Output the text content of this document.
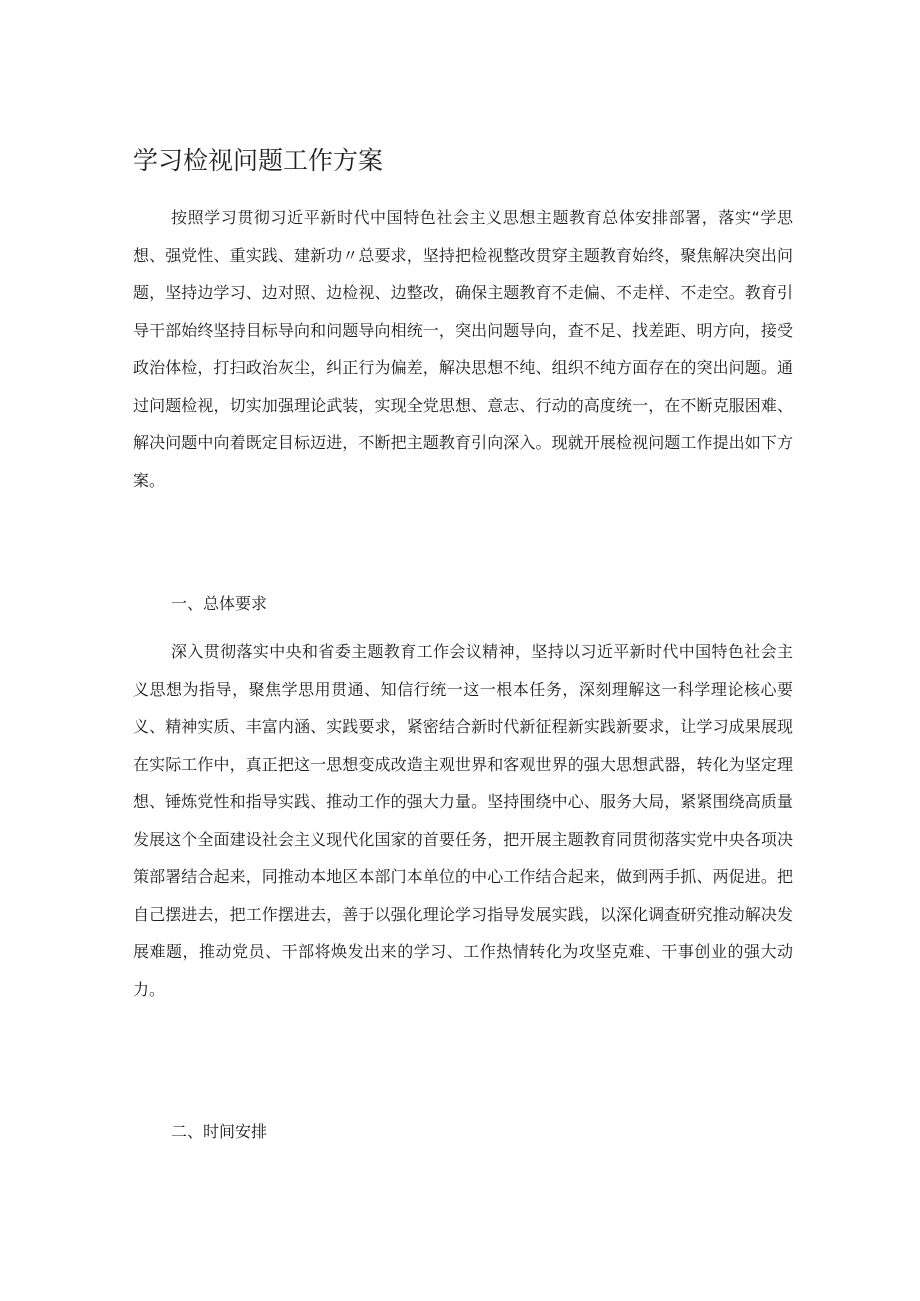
学习检视问题工作方案

按照学习贯彻习近平新时代中国特色社会主义思想主题教育总体安排部署，落实“学思想、强党性、重实践、建新功〃总要求，坚持把检视整改贯穿主题教育始终，聚焦解决突出问题，坚持边学习、边对照、边检视、边整改，确保主题教育不走偏、不走样、不走空。教育引导干部始终坚持目标导向和问题导向相统一，突出问题导向，查不足、找差距、明方向，接受政治体检，打扫政治灰尘，纠正行为偏差，解决思想不纯、组织不纯方面存在的突出问题。通过问题检视，切实加强理论武装，实现全党思想、意志、行动的高度统一，在不断克服困难、解决问题中向着既定目标迈进，不断把主题教育引向深入。现就开展检视问题工作提出如下方案。

一、总体要求

深入贯彻落实中央和省委主题教育工作会议精神，坚持以习近平新时代中国特色社会主义思想为指导，聚焦学思用贯通、知信行统一这一根本任务，深刻理解这一科学理论核心要义、精神实质、丰富内涵、实践要求，紧密结合新时代新征程新实践新要求，让学习成果展现在实际工作中，真正把这一思想变成改造主观世界和客观世界的强大思想武器，转化为坚定理想、锤炼党性和指导实践、推动工作的强大力量。坚持围绕中心、服务大局，紧紧围绕高质量发展这个全面建设社会主义现代化国家的首要任务，把开展主题教育同贯彻落实党中央各项决策部署结合起来，同推动本地区本部门本单位的中心工作结合起来，做到两手抓、两促进。把自己摆进去，把工作摆进去，善于以强化理论学习指导发展实践，以深化调查研究推动解决发展难题，推动党员、干部将焕发出来的学习、工作热情转化为攻坚克难、干事创业的强大动力。

二、时间安排
